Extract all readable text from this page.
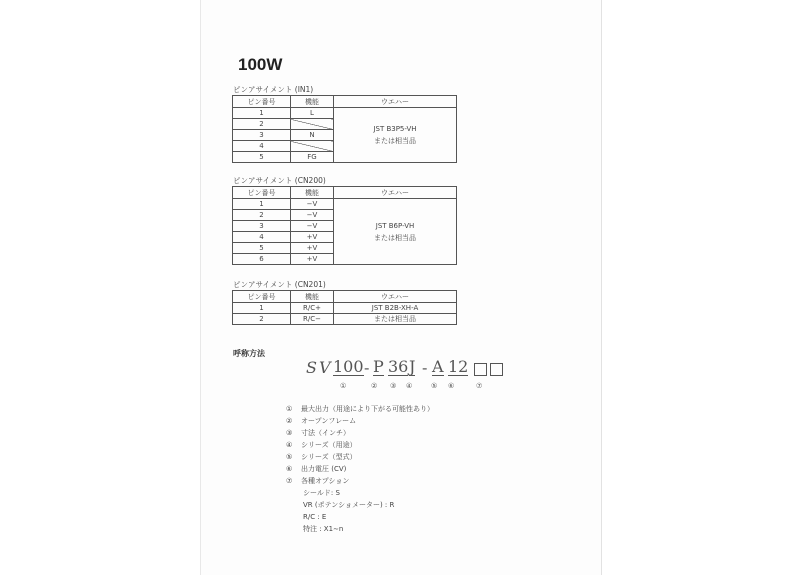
100W
ピンアサイメント (IN1)
ピン番号	機能	ウエハー
1	L	JST B3P5-VH
または相当品

2		
3	N	
4		
5	FG	
ピンアサイメント (CN200)
ピン番号	機能	ウエハー
1	−V	JST B6P-VH
または相当品

2	−V	
3	−V	
4	+V	
5	+V	
6	+V	
ピンアサイメント (CN201)
ピン番号	機能	ウエハー
1	R/C+	JST B2B-XH-A
2	R/C−	または相当品
呼称方法
SV 100 - P 36 J - A 12
①	② ③ ④	⑤ ⑥	⑦
① 最大出力（用途により下がる可能性あり）
② オープンフレーム
③ 寸法（インチ）
④ シリーズ（用途）
⑤ シリーズ（型式）
⑥ 出力電圧 (CV)
⑦ 各種オプション
シールド: S
VR (ポテンショメーター) : R
R/C : E
特注 : X1∼n
